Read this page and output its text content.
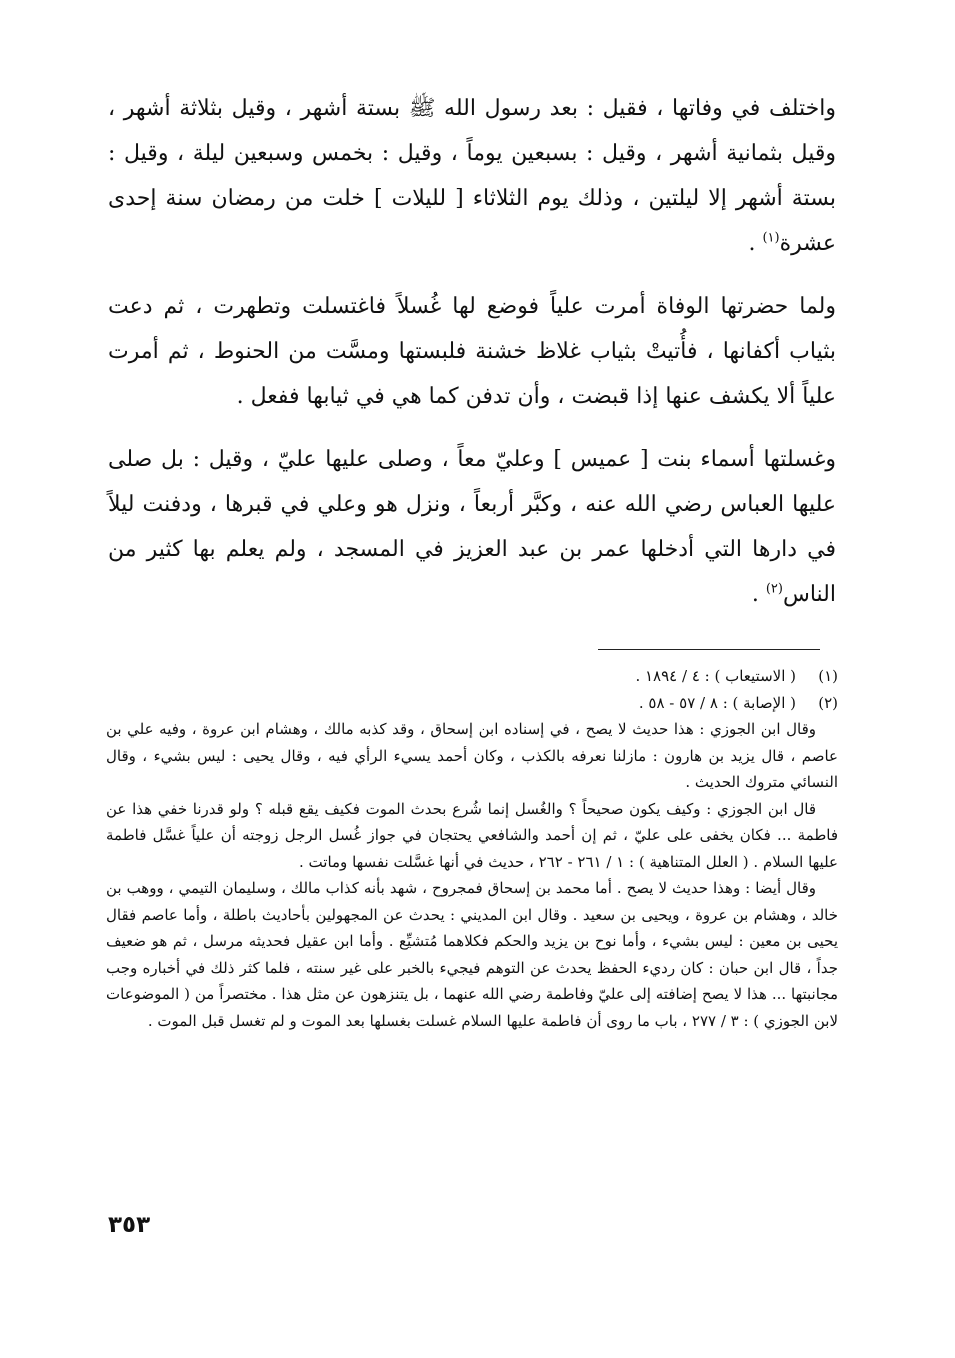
واختلف في وفاتها ، فقيل : بعد رسول الله ﷺ بستة أشهر ، وقيل بثلاثة أشهر ، وقيل بثمانية أشهر ، وقيل : بسبعين يوماً ، وقيل : بخمس وسبعين ليلة ، وقيل : بستة أشهر إلا ليلتين ، وذلك يوم الثلاثاء [ لليلات ] خلت من رمضان سنة إحدى عشرة$^{(١)}$ .

ولما حضرتها الوفاة أمرت علياً فوضع لها غُسلاً فاغتسلت وتطهرت ، ثم دعت بثياب أكفانها ، فأُتيتْ بثياب غلاظ خشنة فلبستها ومسَّت من الحنوط ، ثم أمرت علياً ألا يكشف عنها إذا قبضت ، وأن تدفن كما هي في ثيابها ففعل .

وغسلتها أسماء بنت [ عميس ] وعليّ معاً ، وصلى عليها عليّ ، وقيل : بل صلى عليها العباس رضي الله عنه ، وكبَّر أربعاً ، ونزل هو وعلي في قبرها ، ودفنت ليلاً في دارها التي أدخلها عمر بن عبد العزيز في المسجد ، ولم يعلم بها كثير من الناس$^{(٢)}$ .

(١)
( الاستيعاب ) : ٤ / ١٨٩٤ .
(٢)
( الإصابة ) : ٨ / ٥٧ - ٥٨ .

وقال ابن الجوزي : هذا حديث لا يصح ، في إسناده ابن إسحاق ، وقد كذبه مالك ، وهشام ابن عروة ، وفيه علي بن عاصم ، قال يزيد بن هارون : مازلنا نعرفه بالكذب ، وكان أحمد يسيء الرأي فيه ، وقال يحيى : ليس بشيء ، وقال النسائي متروك الحديث .

قال ابن الجوزي : وكيف يكون صحيحاً ؟ والغُسل إنما شُرع بحدث الموت فكيف يقع قبله ؟ ولو قدرنا خفي هذا عن فاطمة ... فكان يخفى على عليّ ، ثم إن أحمد والشافعي يحتجان في جواز غُسل الرجل زوجته أن علياً غسَّل فاطمة عليها السلام . ( العلل المتناهية ) : ١ / ٢٦١ - ٢٦٢ ، حديث في أنها غسَّلت نفسها وماتت .

وقال أيضا : وهذا حديث لا يصح . أما محمد بن إسحاق فمجروح ، شهد بأنه كذاب مالك ، وسليمان التيمي ، ووهب بن خالد ، وهشام بن عروة ، ويحيى بن سعيد . وقال ابن المديني : يحدث عن المجهولين بأحاديث باطلة ، وأما عاصم فقال يحيى بن معين : ليس بشيء ، وأما نوح بن يزيد والحكم فكلاهما مُتشيِّع . وأما ابن عقيل فحديثه مرسل ، ثم هو ضعيف جداً ، قال ابن حبان : كان رديء الحفظ يحدث عن التوهم فيجيء بالخبر على غير سنته ، فلما كثر ذلك في أخباره وجب مجانبتها ... هذا لا يصح إضافته إلى عليّ وفاطمة رضي الله عنهما ، بل يتنزهون عن مثل هذا . مختصراً من ( الموضوعات لابن الجوزي ) : ٣ / ٢٧٧ ، باب ما روى أن فاطمة عليها السلام غسلت بغسلها بعد الموت و لم تغسل قبل الموت .

٣٥٣
